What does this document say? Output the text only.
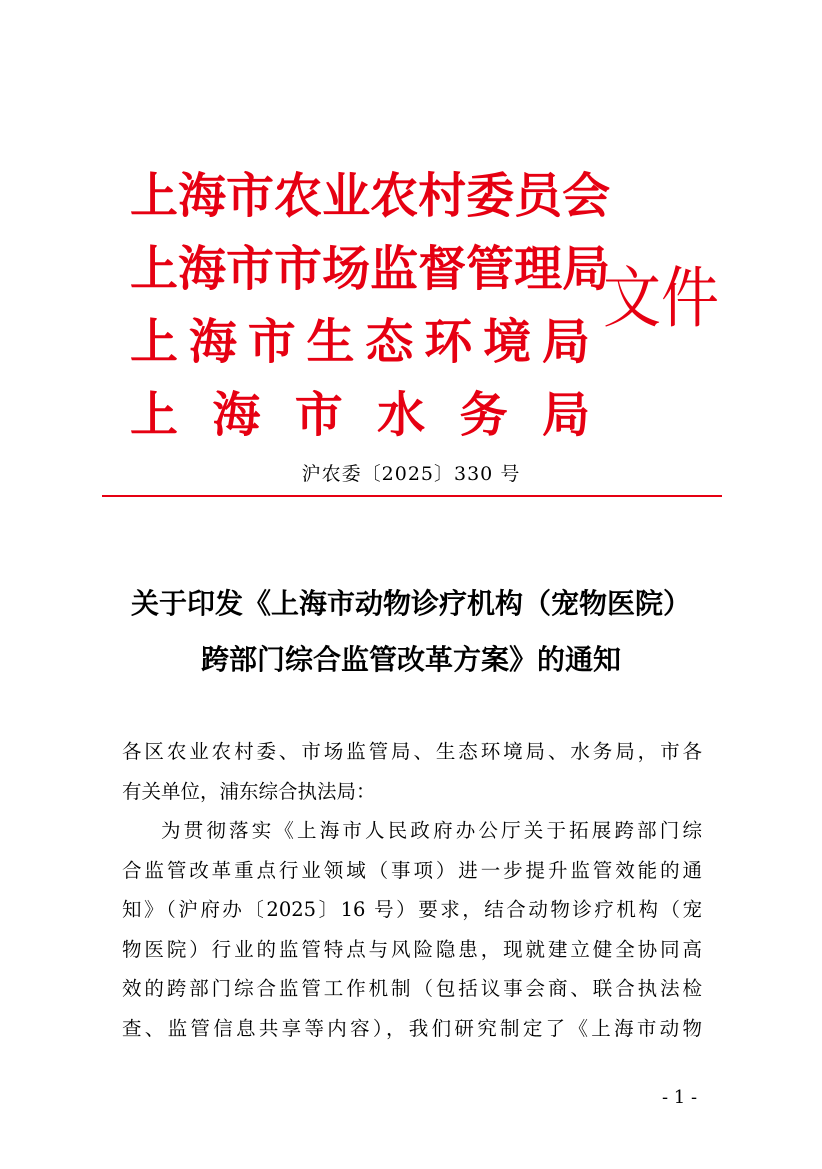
上 海 市 农 业 农 村 委 员 会
上 海 市 市 场 监 督 管 理 局
上 海 市 生 态 环 境 局
上 海 市 水 务 局
文件
沪农委〔2025〕330 号
关于印发《上海市动物诊疗机构（宠物医院）
跨部门综合监管改革方案》的通知
各区农业农村委、市场监管局、生态环境局、水务局，市各
有关单位，浦东综合执法局：
为贯彻落实《上海市人民政府办公厅关于拓展跨部门综
合监管改革重点行业领域（事项）进一步提升监管效能的通
知》（沪府办〔2025〕16 号）要求，结合动物诊疗机构（宠
物医院）行业的监管特点与风险隐患，现就建立健全协同高
效的跨部门综合监管工作机制（包括议事会商、联合执法检
查、监管信息共享等内容），我们研究制定了《上海市动物
- 1 -
